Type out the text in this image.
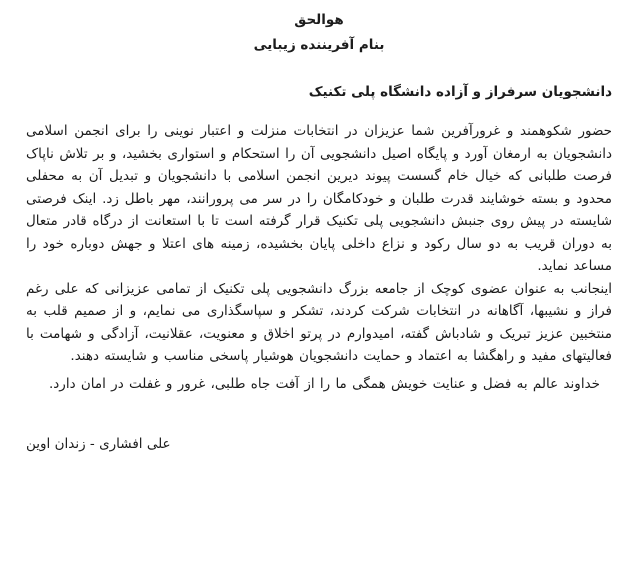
هوالحق
بنام آفریننده زیبایی
دانشجویان سرفراز و آزاده دانشگاه پلی تکنیک

حضور شکوهمند و غرورآفرین شما عزیزان در انتخابات منزلت و اعتبار نوینی را برای انجمن اسلامی دانشجویان به ارمغان آورد و پایگاه اصیل دانشجویی آن را استحکام و استواری بخشید، و بر تلاش ناپاک فرصت طلبانی که خیال خام گسست پیوند دیرین انجمن اسلامی با دانشجویان و تبدیل آن به محفلی محدود و بسته خوشایند قدرت طلبان و خودکامگان را در سر می پرورانند، مهر باطل زد. اینک فرصتی شایسته در پیش روی جنبش دانشجویی پلی تکنیک قرار گرفته است تا با استعانت از درگاه قادر متعال به دوران قریب به دو سال رکود و نزاع داخلی پایان بخشیده، زمینه های اعتلا و جهش دوباره خود را مساعد نماید.

اینجانب به عنوان عضوی کوچک از جامعه بزرگ دانشجویی پلی تکنیک از تمامی عزیزانی که علی رغم فراز و نشیبها، آگاهانه در انتخابات شرکت کردند، تشکر و سپاسگذاری می نمایم، و از صمیم قلب به منتخبین عزیز تبریک و شادباش گفته، امیدوارم در پرتو اخلاق و معنویت، عقلانیت، آزادگی و شهامت با فعالیتهای مفید و راهگشا به اعتماد و حمایت دانشجویان هوشیار پاسخی مناسب و شایسته دهند.

خداوند عالم به فضل و عنایت خویش همگی ما را از آفت جاه طلبی، غرور و غفلت در امان دارد.

علی افشاری - زندان اوین
